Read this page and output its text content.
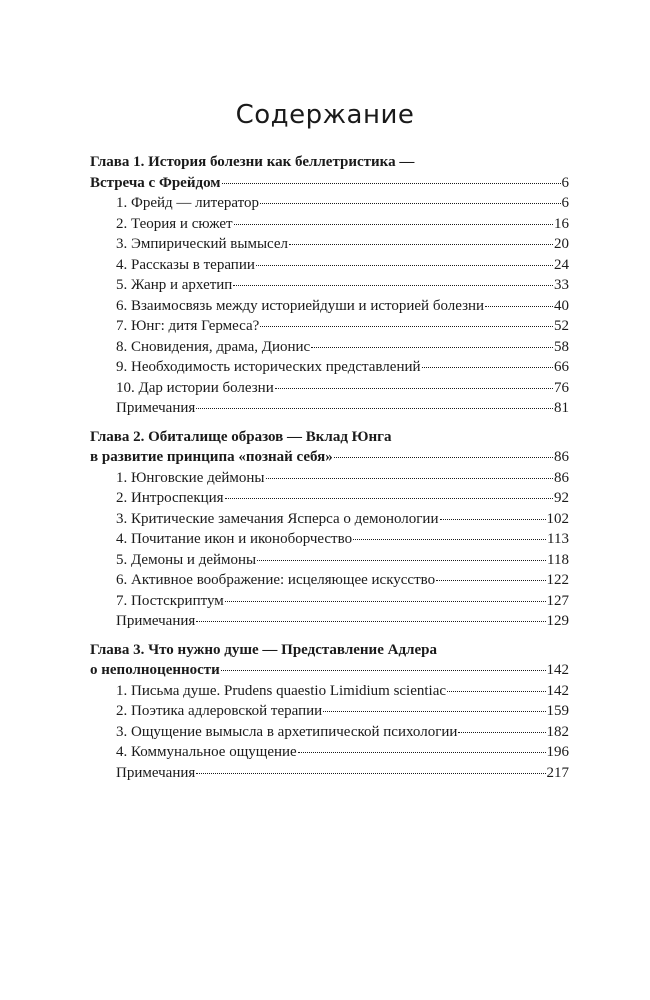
Содержание
Глава 1. История болезни как беллетристика —
Встреча с Фрейдом	6
1. Фрейд — литератор	6
2. Теория и сюжет	16
3. Эмпирический вымысел	20
4. Рассказы в терапии	24
5. Жанр и архетип	33
6. Взаимосвязь между историейдуши и историей болезни	40
7. Юнг: дитя Гермеса?	52
8. Сновидения, драма, Дионис	58
9. Необходимость исторических представлений	66
10. Дар истории болезни	76
Примечания	81
Глава 2. Обиталище образов — Вклад Юнга
в развитие принципа «познай себя»	86
1. Юнговские деймоны	86
2. Интроспекция	92
3. Критические замечания Ясперса о демонологии	102
4. Почитание икон и иконоборчество	113
5. Демоны и деймоны	118
6. Активное воображение: исцеляющее искусство	122
7. Постскриптум	127
Примечания	129
Глава 3. Что нужно душе — Представление Адлера
о неполноценности	142
1. Письма душе. Prudens quaestio Limidium scientiac	142
2. Поэтика адлеровской терапии	159
3. Ощущение вымысла в архетипической психологии	182
4. Коммунальное ощущение	196
Примечания	217
